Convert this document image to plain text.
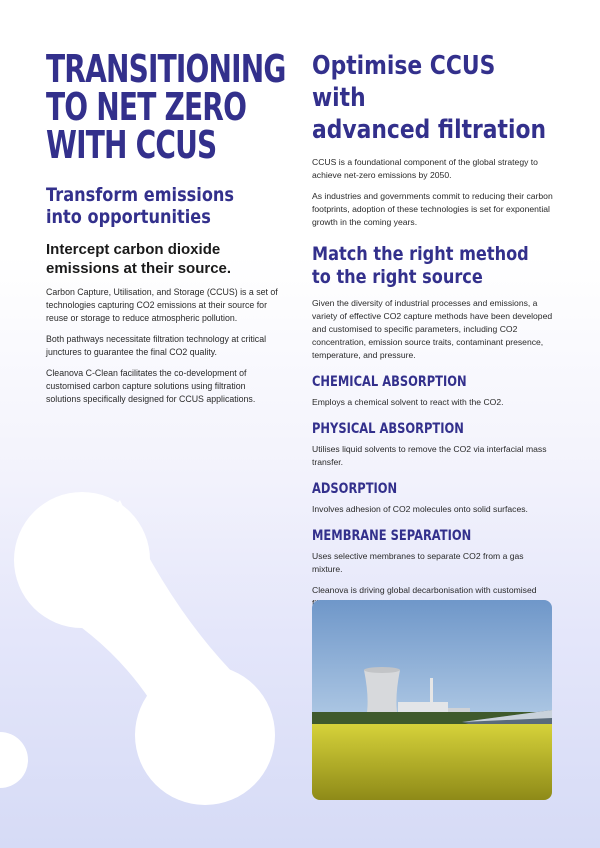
TRANSITIONING
TO NET ZERO
WITH CCUS
Transform emissions
into opportunities

Intercept carbon dioxide
emissions at their source.

Carbon Capture, Utilisation, and Storage (CCUS) is a set of technologies capturing CO2 emissions at their source for reuse or storage to reduce atmospheric pollution.

Both pathways necessitate filtration technology at critical junctures to guarantee the final CO2 quality.

Cleanova C-Clean facilitates the co-development of customised carbon capture solutions using filtration solutions specifically designed for CCUS applications.

Optimise CCUS with
advanced filtration

CCUS is a foundational component of the global strategy to achieve net-zero emissions by 2050.

As industries and governments commit to reducing their carbon footprints, adoption of these technologies is set for exponential growth in the coming years.

Match the right method
to the right source

Given the diversity of industrial processes and emissions, a variety of effective CO2 capture methods have been developed and customised to specific parameters, including CO2 concentration, emission source traits, contaminant presence, temperature, and pressure.

CHEMICAL ABSORPTION

Employs a chemical solvent to react with the CO2.

PHYSICAL ABSORPTION

Utilises liquid solvents to remove the CO2 via interfacial mass transfer.

ADSORPTION

Involves adhesion of CO2 molecules onto solid surfaces.

MEMBRANE SEPARATION

Uses selective membranes to separate CO2 from a gas mixture.

Cleanova is driving global decarbonisation with customised
